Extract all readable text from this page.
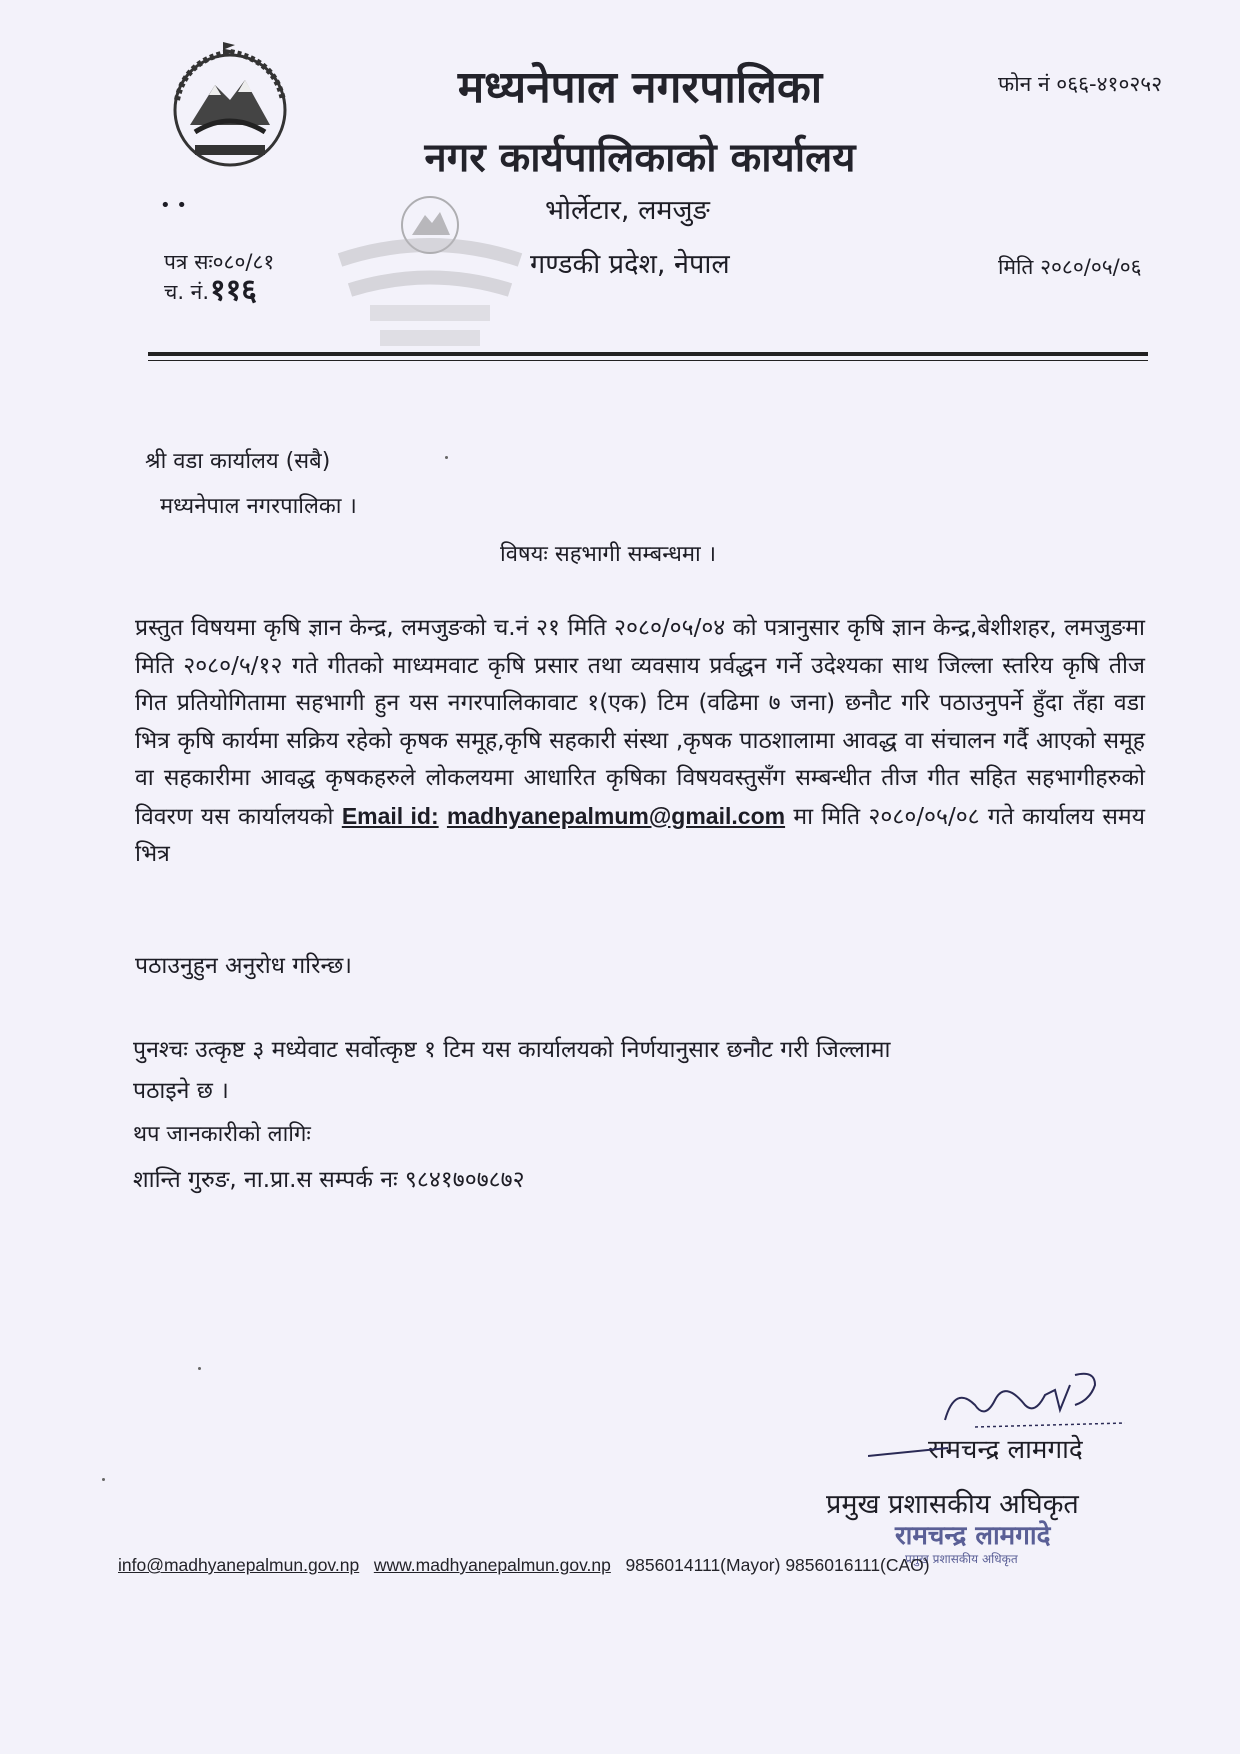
मध्यनेपाल नगरपालिका
नगर कार्यपालिकाको कार्यालय
भोर्लेटार, लमजुङ
गण्डकी प्रदेश, नेपाल
फोन नं ०६६-४१०२५२
• •
पत्र सः०८०/८१
च. नं. ११६
मिति २०८०/०५/०६
श्री वडा कार्यालय (सबै)
मध्यनेपाल नगरपालिका ।
विषयः सहभागी सम्बन्धमा ।
प्रस्तुत विषयमा कृषि ज्ञान केन्द्र, लमजुङको च.नं २१ मिति २०८०/०५/०४ को पत्रानुसार कृषि ज्ञान केन्द्र,बेशीशहर, लमजुङमा मिति २०८०/५/१२ गते गीतको माध्यमवाट कृषि प्रसार तथा व्यवसाय प्रर्वद्धन गर्ने उदेश्यका साथ जिल्ला स्तरिय कृषि तीज गित प्रतियोगितामा सहभागी हुन यस नगरपालिकावाट १(एक) टिम (वढिमा ७ जना) छनौट गरि पठाउनुपर्ने हुँदा तँहा वडा भित्र कृषि कार्यमा सक्रिय रहेको कृषक समूह,कृषि सहकारी संस्था ,कृषक पाठशालामा आवद्ध वा संचालन गर्दै आएको समूह वा सहकारीमा आवद्ध कृषकहरुले लोकलयमा आधारित कृषिका विषयवस्तुसँग सम्बन्धीत तीज गीत सहित सहभागीहरुको विवरण यस कार्यालयको Email id: madhyanepalmum@gmail.com मा मिति २०८०/०५/०८ गते कार्यालय समय भित्र
पठाउनुहुन अनुरोध गरिन्छ।
पुनश्चः उत्कृष्ट ३ मध्येवाट सर्वोत्कृष्ट १ टिम यस कार्यालयको निर्णयानुसार छनौट गरी जिल्लामा
पठाइने छ ।
थप जानकारीको लागिः
शान्ति गुरुङ, ना.प्रा.स सम्पर्क नः ९८४१७०७८७२
रामचन्द्र लामगादे
प्रमुख प्रशासकीय अघिकृत
रामचन्द्र लामगादे
प्रमुख प्रशासकीय अधिकृत
info@madhyanepalmun.gov.np www.madhyanepalmun.gov.np 9856014111(Mayor) 9856016111(CAO)
